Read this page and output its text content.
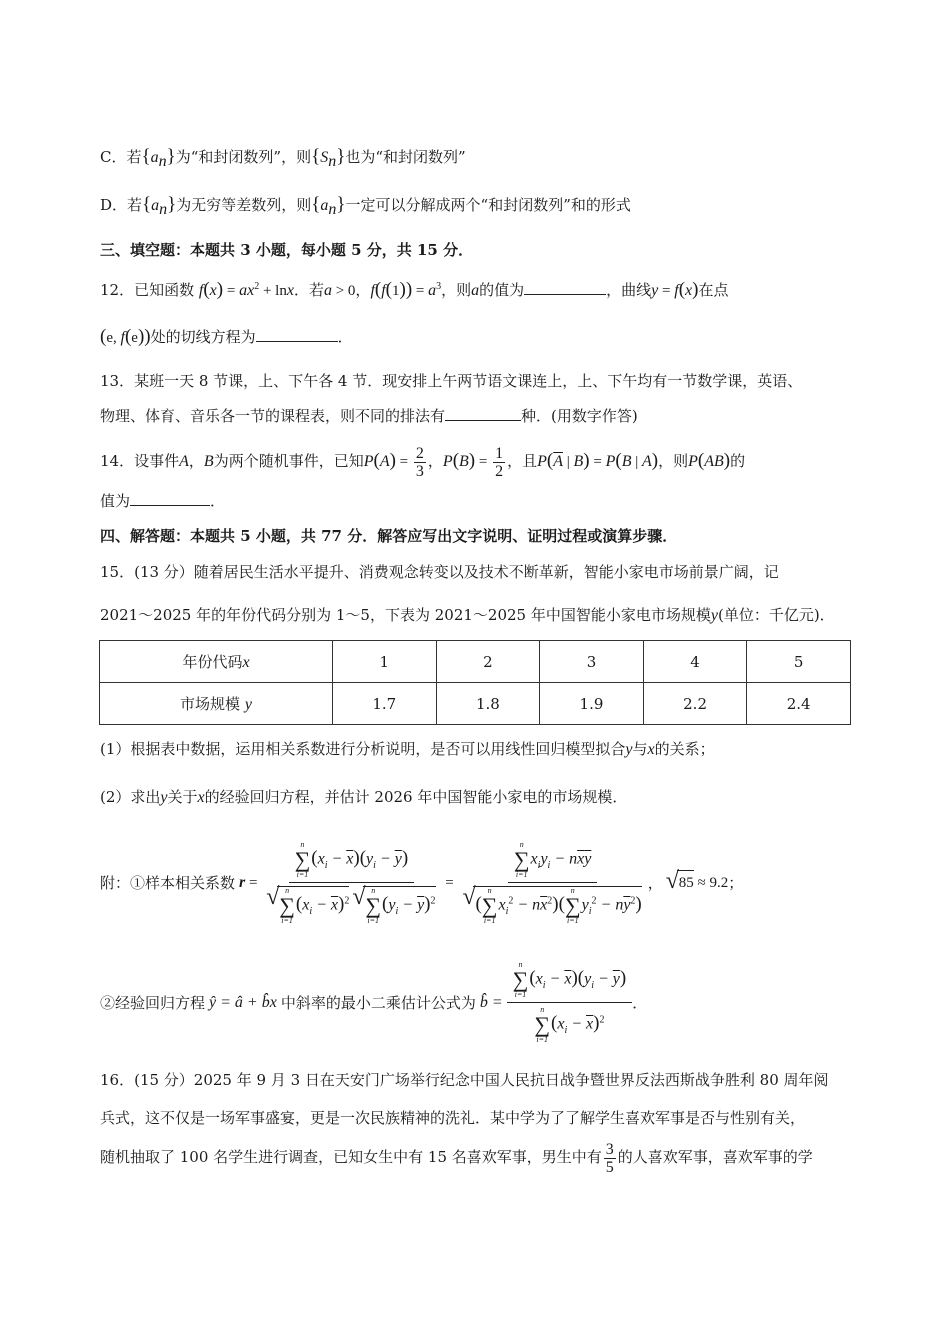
C．若$\{a_n\}$为“和封闭数列”，则$\{S_n\}$也为“和封闭数列”
D．若$\{a_n\}$为无穷等差数列，则$\{a_n\}$一定可以分解成两个“和封闭数列”和的形式
三、填空题：本题共 3 小题，每小题 5 分，共 15 分．
12．已知函数 $f(x) = ax^2 + \ln x$．若a > 0，$f(f(1)) = a^3$，则a的值为	，曲线y = f(x)在点
(e, f(e))处的切线方程为	．
13．某班一天 8 节课，上、下午各 4 节．现安排上午两节语文课连上，上、下午均有一节数学课，英语、
物理、体育、音乐各一节的课程表，则不同的排法有	种．(用数字作答)
14．设事件A，B为两个随机事件，已知$P(A) = \frac{2}{3}$ ，$P(B) = \frac{1}{2}$ ，且$P(\overline{A}$ | B) = P(B | A)，则P(AB)的
值为	．
四、解答题：本题共 5 小题，共 77 分．解答应写出文字说明、证明过程或演算步骤．
15．(13 分）随着居民生活水平提升、消费观念转变以及技术不断革新，智能小家电市场前景广阔，记
2021～2025 年的年份代码分别为 1～5，下表为 2021～2025 年中国智能小家电市场规模y(单位：千亿元)．
年份代码x	1	2	3	4	5
市场规模 y	1.7	1.8	1.9	2.2	2.4
(1）根据表中数据，运用相关系数进行分析说明，是否可以用线性回归模型拟合y与x的关系；
(2）求出y关于x的经验回归方程，并估计 2026 年中国智能小家电的市场规模．
附：①样本相关系数 r = n
∑
i=1
$(x_i - \overline{x})(y_i - \overline{y})$
√ n
∑
i=1
$(x_i - \overline{x})^2$
√ n
∑
i=1
$(y_i - \overline{y})^2 = n$
∑
i=1
$x_iy_i - n\overline{x}\overline{y}$
√ (
n
∑
i=1
$x_i^2 - n\overline{x}^2$)(
n
∑
i=1
$y_i^2 - n\overline{y}^2$) ， √ 85
≈ 9.2 ；
②经验回归方程 ŷ = â + b̂x 中斜率的最小二乘估计公式为 b̂ = n
∑
i=1
$(x_i - \overline{x})(y_i - \overline{y})$
n
∑
i=1
$(x_i - \overline{x})^2$ ．
16．(15 分）2025 年 9 月 3 日在天安门广场举行纪念中国人民抗日战争暨世界反法西斯战争胜利 80 周年阅
兵式，这不仅是一场军事盛宴，更是一次民族精神的洗礼．某中学为了了解学生喜欢军事是否与性别有关，
随机抽取了 100 名学生进行调查，已知女生中有 15 名喜欢军事，男生中有 $\frac{3}{5}$ 的人喜欢军事，喜欢军事的学
